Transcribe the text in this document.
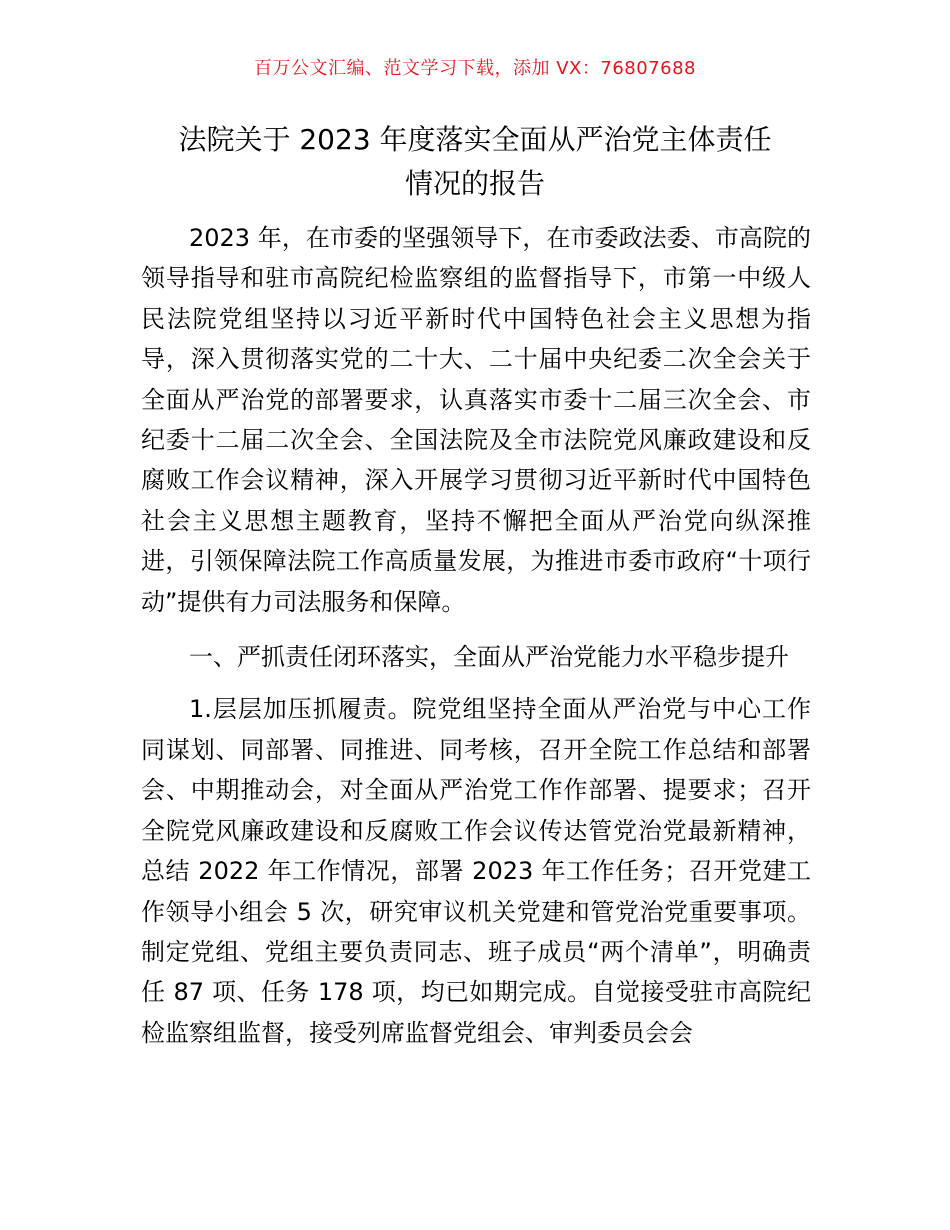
百万公文汇编、范文学习下载，添加 VX：76807688
法院关于 2023 年度落实全面从严治党主体责任
情况的报告

2023 年，在市委的坚强领导下，在市委政法委、市高院的领导指导和驻市高院纪检监察组的监督指导下，市第一中级人民法院党组坚持以习近平新时代中国特色社会主义思想为指导，深入贯彻落实党的二十大、二十届中央纪委二次全会关于全面从严治党的部署要求，认真落实市委十二届三次全会、市纪委十二届二次全会、全国法院及全市法院党风廉政建设和反腐败工作会议精神，深入开展学习贯彻习近平新时代中国特色社会主义思想主题教育，坚持不懈把全面从严治党向纵深推进，引领保障法院工作高质量发展，为推进市委市政府“十项行动”提供有力司法服务和保障。

一、严抓责任闭环落实，全面从严治党能力水平稳步提升

1.层层加压抓履责。院党组坚持全面从严治党与中心工作同谋划、同部署、同推进、同考核，召开全院工作总结和部署会、中期推动会，对全面从严治党工作作部署、提要求；召开全院党风廉政建设和反腐败工作会议传达管党治党最新精神，总结 2022 年工作情况，部署 2023 年工作任务；召开党建工作领导小组会 5 次，研究审议机关党建和管党治党重要事项。制定党组、党组主要负责同志、班子成员“两个清单”，明确责任 87 项、任务 178 项，均已如期完成。自觉接受驻市高院纪检监察组监督，接受列席监督党组会、审判委员会会
